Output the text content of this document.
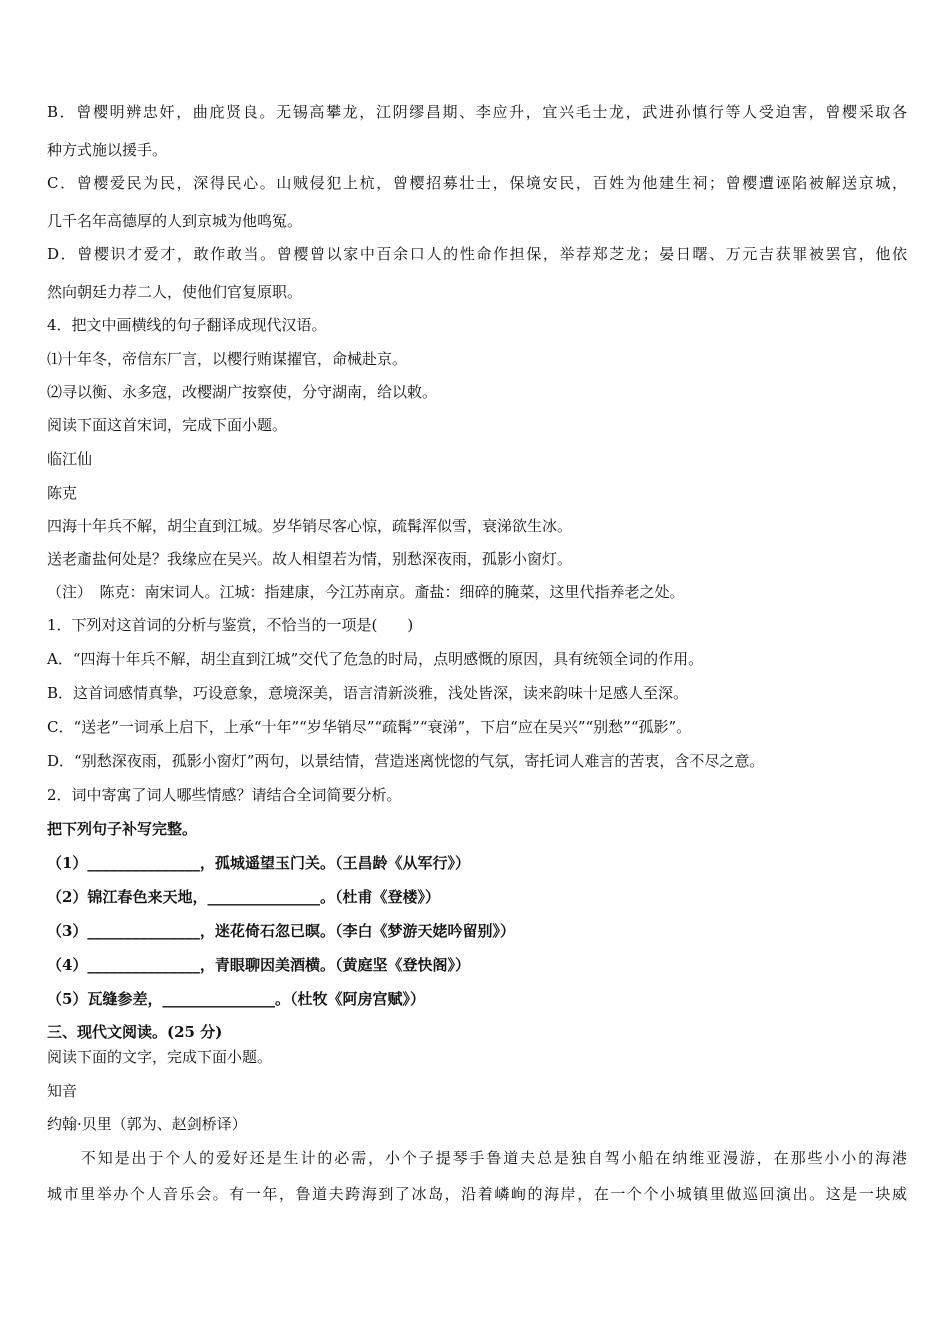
B．曾樱明辨忠奸，曲庇贤良。无锡高攀龙，江阴缪昌期、李应升，宜兴毛士龙，武进孙慎行等人受迫害，曾樱采取各
种方式施以援手。
C．曾樱爱民为民，深得民心。山贼侵犯上杭，曾樱招募壮士，保境安民，百姓为他建生祠；曾樱遭诬陷被解送京城，
几千名年高德厚的人到京城为他鸣冤。
D．曾樱识才爱才，敢作敢当。曾樱曾以家中百余口人的性命作担保，举荐郑芝龙；晏日曙、万元吉获罪被罢官，他依
然向朝廷力荐二人，使他们官复原职。
4．把文中画横线的句子翻译成现代汉语。
⑴十年冬，帝信东厂言，以樱行贿谋擢官，命械赴京。
⑵寻以衡、永多寇，改樱湖广按察使，分守湖南，给以敕。
阅读下面这首宋词，完成下面小题。
临江仙
陈克
四海十年兵不解，胡尘直到江城。岁华销尽客心惊，疏髯浑似雪，衰涕欲生冰。
送老齑盐何处是？我缘应在吴兴。故人相望若为情，别愁深夜雨，孤影小窗灯。
（注）　陈克：南宋词人。江城：指建康，今江苏南京。齑盐：细碎的腌菜，这里代指养老之处。
1．下列对这首词的分析与鉴赏，不恰当的一项是(　　)
A．“四海十年兵不解，胡尘直到江城”交代了危急的时局，点明感慨的原因，具有统领全词的作用。
B．这首词感情真挚，巧设意象，意境深美，语言清新淡雅，浅处皆深，读来韵味十足感人至深。
C．“送老”一词承上启下，上承“十年”“岁华销尽”“疏髯”“衰涕”，下启“应在吴兴”“别愁”“孤影”。
D．“别愁深夜雨，孤影小窗灯”两句，以景结情，营造迷离恍惚的气氛，寄托词人难言的苦衷，含不尽之意。
2．词中寄寓了词人哪些情感？请结合全词简要分析。
把下列句子补写完整。
（1）_______________，孤城遥望玉门关。（王昌龄《从军行》）
（2）锦江春色来天地，_______________。（杜甫《登楼》）
（3）_______________，迷花倚石忽已暝。（李白《梦游天姥吟留别》）
（4）_______________，青眼聊因美酒横。（黄庭坚《登快阁》）
（5）瓦缝参差，_______________。（杜牧《阿房宫赋》）
三、现代文阅读。(25 分)
阅读下面的文字，完成下面小题。
知音
约翰·贝里（郭为、赵剑桥译）
　　不知是出于个人的爱好还是生计的必需，小个子提琴手鲁道夫总是独自驾小船在纳维亚漫游，在那些小小的海港
城市里举办个人音乐会。有一年，鲁道夫跨海到了冰岛，沿着嶙峋的海岸，在一个个小城镇里做巡回演出。这是一块威
